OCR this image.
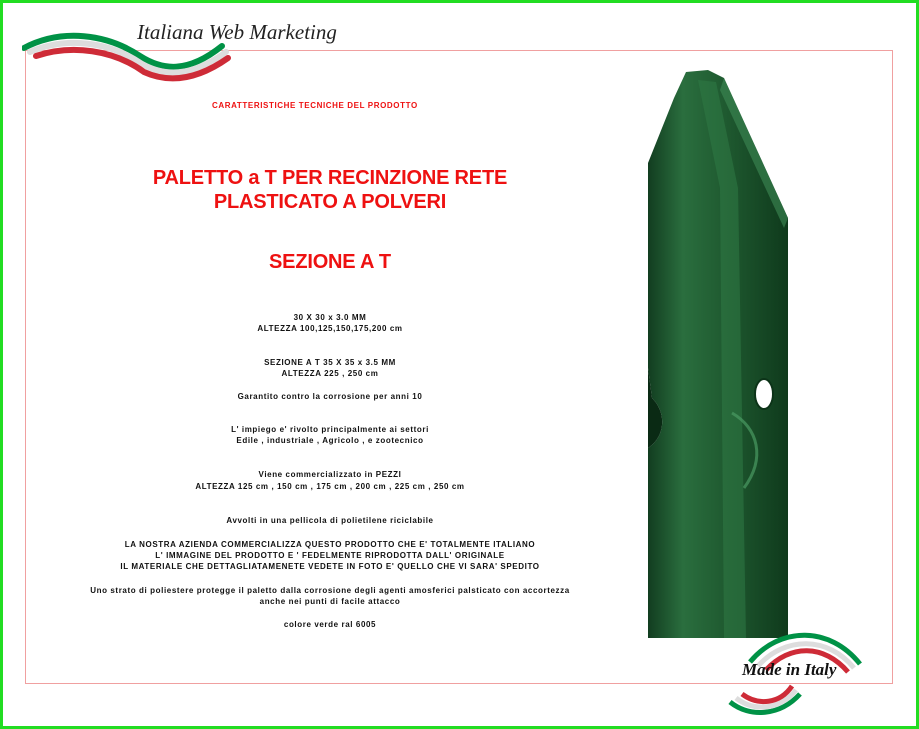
Italiana Web Marketing
CARATTERISTICHE TECNICHE DEL PRODOTTO
PALETTO a T PER RECINZIONE RETE
PLASTICATO A POLVERI
SEZIONE A T
30 X 30 x 3.0 MM
ALTEZZA 100,125,150,175,200 cm
SEZIONE A T 35 X 35 x 3.5 MM
ALTEZZA 225 , 250 cm
Garantito contro la corrosione per anni 10
L' impiego e' rivolto principalmente ai settori
Edile , industriale , Agricolo , e zootecnico
Viene commercializzato in PEZZI
ALTEZZA 125 cm , 150 cm , 175 cm , 200 cm , 225 cm , 250 cm
Avvolti in una pellicola di polietilene riciclabile
LA NOSTRA AZIENDA COMMERCIALIZZA QUESTO PRODOTTO CHE E' TOTALMENTE ITALIANO
L' IMMAGINE DEL PRODOTTO E ' FEDELMENTE RIPRODOTTA DALL' ORIGINALE
IL MATERIALE CHE DETTAGLIATAMENETE VEDETE IN FOTO E' QUELLO CHE VI SARA' SPEDITO
Uno strato di poliestere protegge il paletto dalla corrosione degli agenti amosferici palsticato con accortezza
anche nei punti di facile attacco
colore verde ral 6005
Made in Italy
